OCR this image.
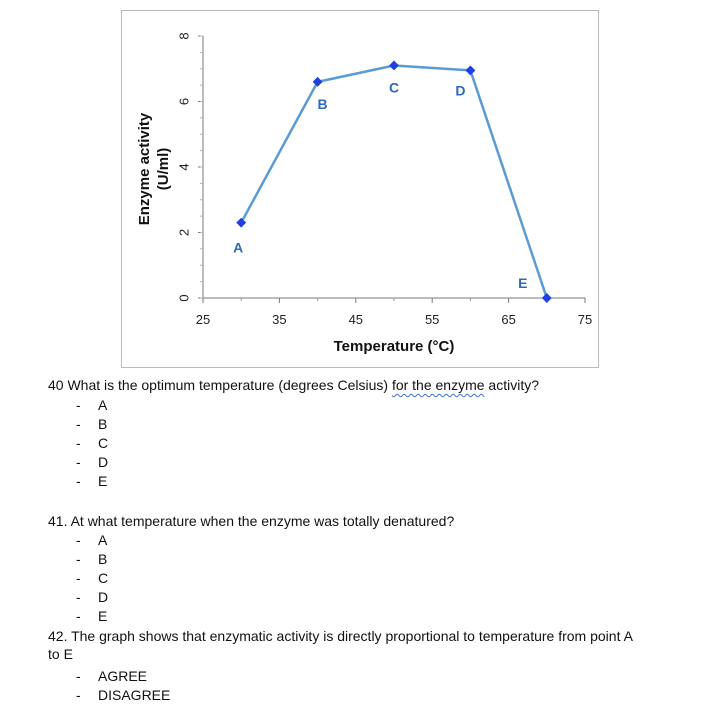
25	35	45	55	65	75
0
2
4
6
8
Temperature (°C)
Enzyme activity (U/ml)
A
B
C	D
E
40 What is the optimum temperature (degrees Celsius) for the enzyme activity?
- A
- B
- C
- D
- E
41. At what temperature when the enzyme was totally denatured?
- A
- B
- C
- D
- E
42. The graph shows that enzymatic activity is directly proportional to temperature from point A
to E
- AGREE
- DISAGREE
